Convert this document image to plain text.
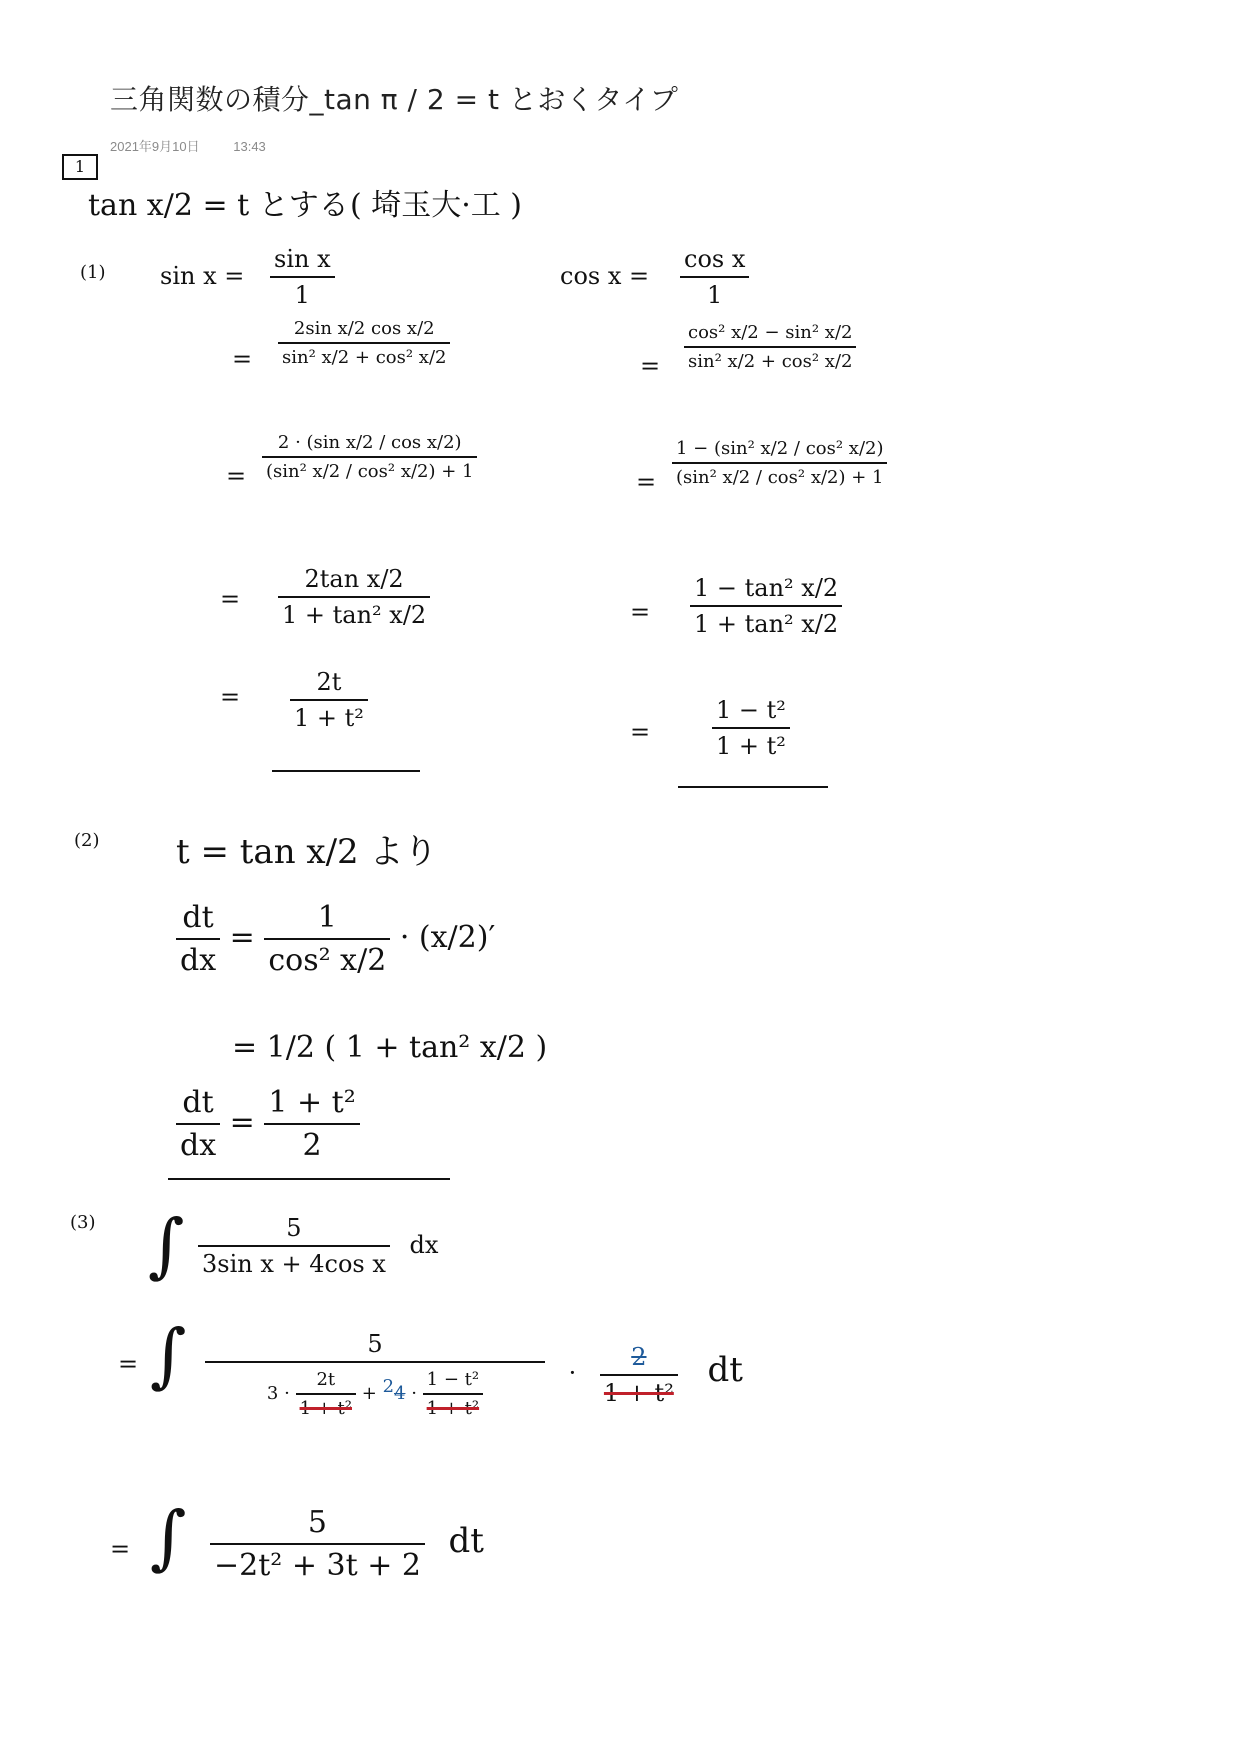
三角関数の積分_tan π / 2 = t とおくタイプ
2021年9月10日	13:43
1
tan x/2 = t とする ( 埼玉大·工 )
(1) $\sin x = \frac{\text{sin x}}{1}$
= $\frac{\text{2sin x/2 cos x/2}}{\text{sin² x/2 + cos² x/2}}$
= $\frac{\text{2 · (sin x/2 / cos x/2)}}{\text{(sin² x/2 / cos² x/2) + 1}}$
= $\frac{\text{2tan x/2}}{\text{1 + tan² x/2}}$
= $\frac{2t}{\text{1 + t²}}$
$\cos x = \frac{\text{cos x}}{1}$
= $\frac{\text{cos² x/2 − sin² x/2}}{\text{sin² x/2 + cos² x/2}}$
= $\frac{\text{1 − (sin² x/2 / cos² x/2)}}{\text{(sin² x/2 / cos² x/2) + 1}}$
= $\frac{\text{1 − tan² x/2}}{\text{1 + tan² x/2}}$
=	$\frac{\text{1 − t²}}{\text{1 + t²}}$
(2) t = tan x/2 より
$\frac{dt}{dx} = \frac{1}{\text{cos² x/2}} \cdot (x/2)'$
= 1/2 ( 1 + tan² x/2 )
$\frac{dt}{dx} = \frac{\text{1 + t²}}{2}$
(3) ∫ $\frac{5}{\text{3sin x + 4cos x}}$ dx
= ∫	5
$3 \cdot \frac{2t}{\text{1 + t²}} + 24 \cdot \frac{\text{1 − t²}}{\text{1 + t²}}$	· $\frac{2}{\text{1 + t²}}$ dt
= ∫ $\frac{5}{\text{−2t² + 3t + 2}}$ dt
